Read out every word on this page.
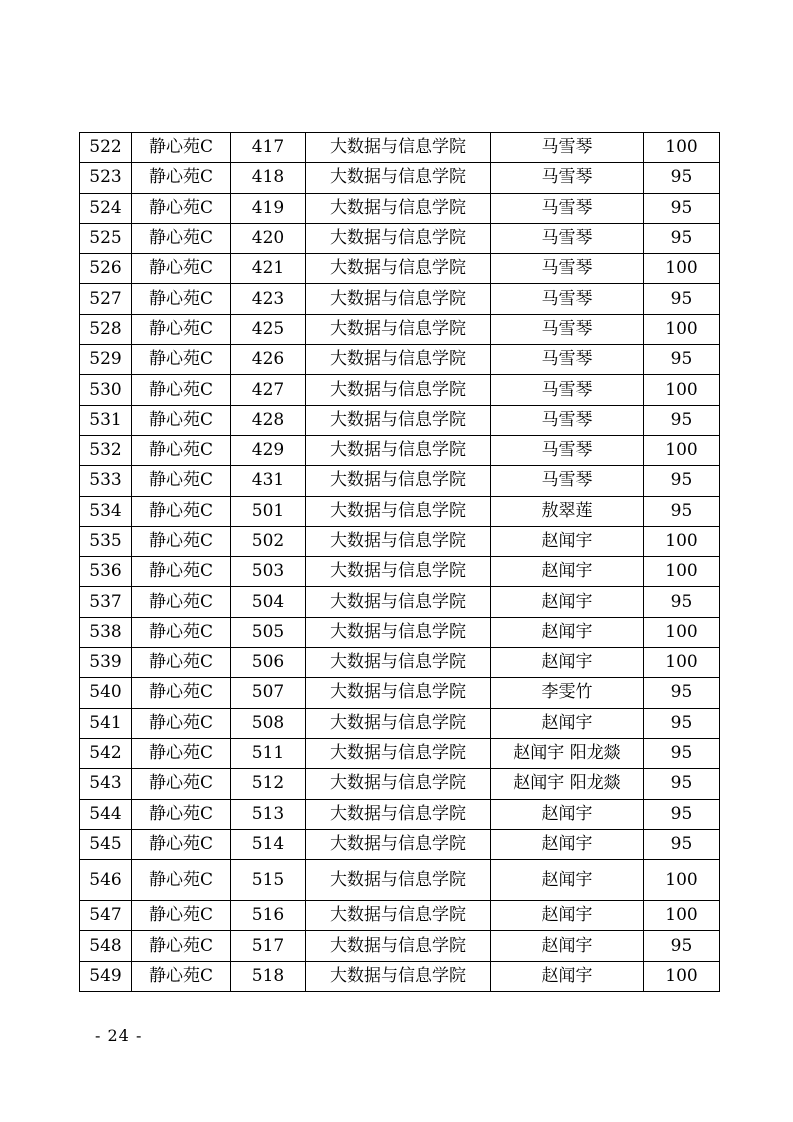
522	静心苑C	417	大数据与信息学院	马雪琴	100
523	静心苑C	418	大数据与信息学院	马雪琴	95
524	静心苑C	419	大数据与信息学院	马雪琴	95
525	静心苑C	420	大数据与信息学院	马雪琴	95
526	静心苑C	421	大数据与信息学院	马雪琴	100
527	静心苑C	423	大数据与信息学院	马雪琴	95
528	静心苑C	425	大数据与信息学院	马雪琴	100
529	静心苑C	426	大数据与信息学院	马雪琴	95
530	静心苑C	427	大数据与信息学院	马雪琴	100
531	静心苑C	428	大数据与信息学院	马雪琴	95
532	静心苑C	429	大数据与信息学院	马雪琴	100
533	静心苑C	431	大数据与信息学院	马雪琴	95
534	静心苑C	501	大数据与信息学院	敖翠莲	95
535	静心苑C	502	大数据与信息学院	赵闻宇	100
536	静心苑C	503	大数据与信息学院	赵闻宇	100
537	静心苑C	504	大数据与信息学院	赵闻宇	95
538	静心苑C	505	大数据与信息学院	赵闻宇	100
539	静心苑C	506	大数据与信息学院	赵闻宇	100
540	静心苑C	507	大数据与信息学院	李雯竹	95
541	静心苑C	508	大数据与信息学院	赵闻宇	95
542	静心苑C	511	大数据与信息学院	赵闻宇 阳龙燚	95
543	静心苑C	512	大数据与信息学院	赵闻宇 阳龙燚	95
544	静心苑C	513	大数据与信息学院	赵闻宇	95
545	静心苑C	514	大数据与信息学院	赵闻宇	95
546	静心苑C	515	大数据与信息学院	赵闻宇	100
547	静心苑C	516	大数据与信息学院	赵闻宇	100
548	静心苑C	517	大数据与信息学院	赵闻宇	95
549	静心苑C	518	大数据与信息学院	赵闻宇	100
- 24 -
